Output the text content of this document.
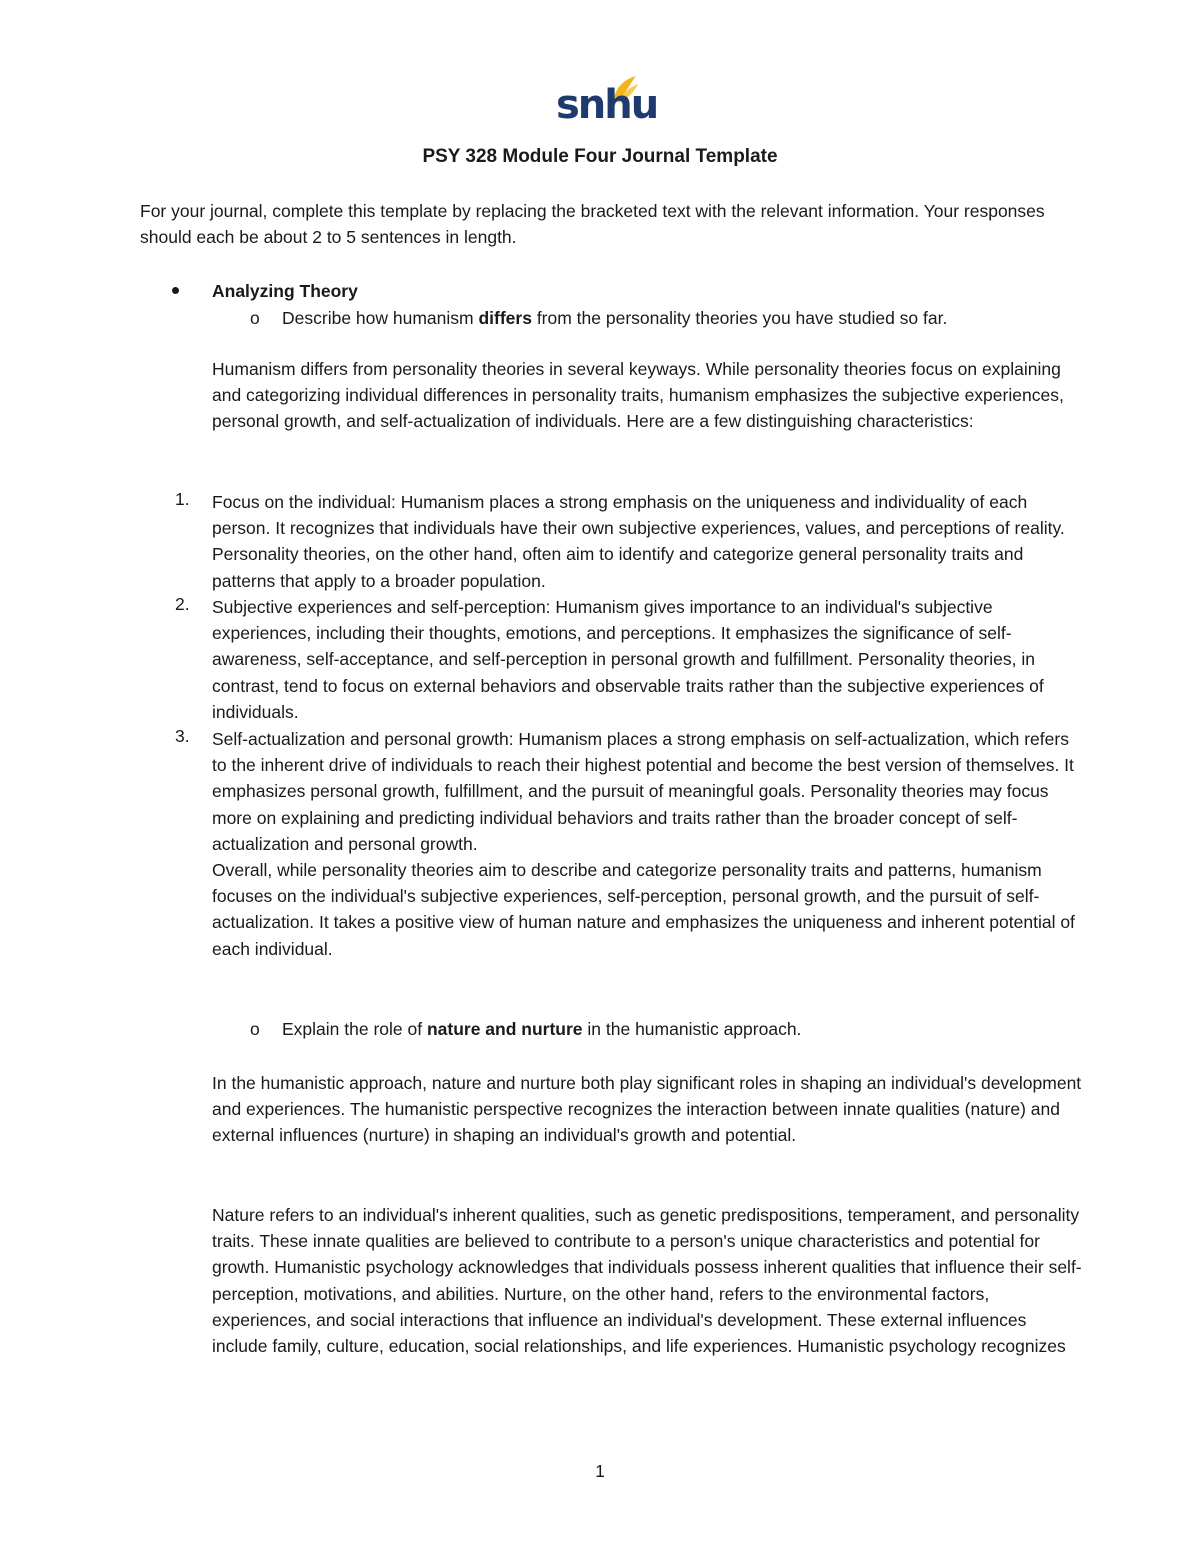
snhu
PSY 328 Module Four Journal Template

For your journal, complete this template by replacing the bracketed text with the relevant information. Your responses should each be about 2 to 5 sentences in length.

Analyzing Theory
o Describe how humanism differs from the personality theories you have studied so far.

Humanism differs from personality theories in several keyways. While personality theories focus on explaining and categorizing individual differences in personality traits, humanism emphasizes the subjective experiences, personal growth, and self-actualization of individuals. Here are a few distinguishing characteristics:

1. Focus on the individual: Humanism places a strong emphasis on the uniqueness and individuality of each person. It recognizes that individuals have their own subjective experiences, values, and perceptions of reality. Personality theories, on the other hand, often aim to identify and categorize general personality traits and patterns that apply to a broader population.
2. Subjective experiences and self-perception: Humanism gives importance to an individual's subjective experiences, including their thoughts, emotions, and perceptions. It emphasizes the significance of self-awareness, self-acceptance, and self-perception in personal growth and fulfillment. Personality theories, in contrast, tend to focus on external behaviors and observable traits rather than the subjective experiences of individuals.
3. Self-actualization and personal growth: Humanism places a strong emphasis on self-actualization, which refers to the inherent drive of individuals to reach their highest potential and become the best version of themselves. It emphasizes personal growth, fulfillment, and the pursuit of meaningful goals. Personality theories may focus more on explaining and predicting individual behaviors and traits rather than the broader concept of self-actualization and personal growth.
Overall, while personality theories aim to describe and categorize personality traits and patterns, humanism focuses on the individual's subjective experiences, self-perception, personal growth, and the pursuit of self-actualization. It takes a positive view of human nature and emphasizes the uniqueness and inherent potential of each individual.
o Explain the role of nature and nurture in the humanistic approach.

In the humanistic approach, nature and nurture both play significant roles in shaping an individual's development and experiences. The humanistic perspective recognizes the interaction between innate qualities (nature) and external influences (nurture) in shaping an individual's growth and potential.

Nature refers to an individual's inherent qualities, such as genetic predispositions, temperament, and personality traits. These innate qualities are believed to contribute to a person's unique characteristics and potential for growth. Humanistic psychology acknowledges that individuals possess inherent qualities that influence their self-perception, motivations, and abilities. Nurture, on the other hand, refers to the environmental factors, experiences, and social interactions that influence an individual's development. These external influences include family, culture, education, social relationships, and life experiences. Humanistic psychology recognizes

1
